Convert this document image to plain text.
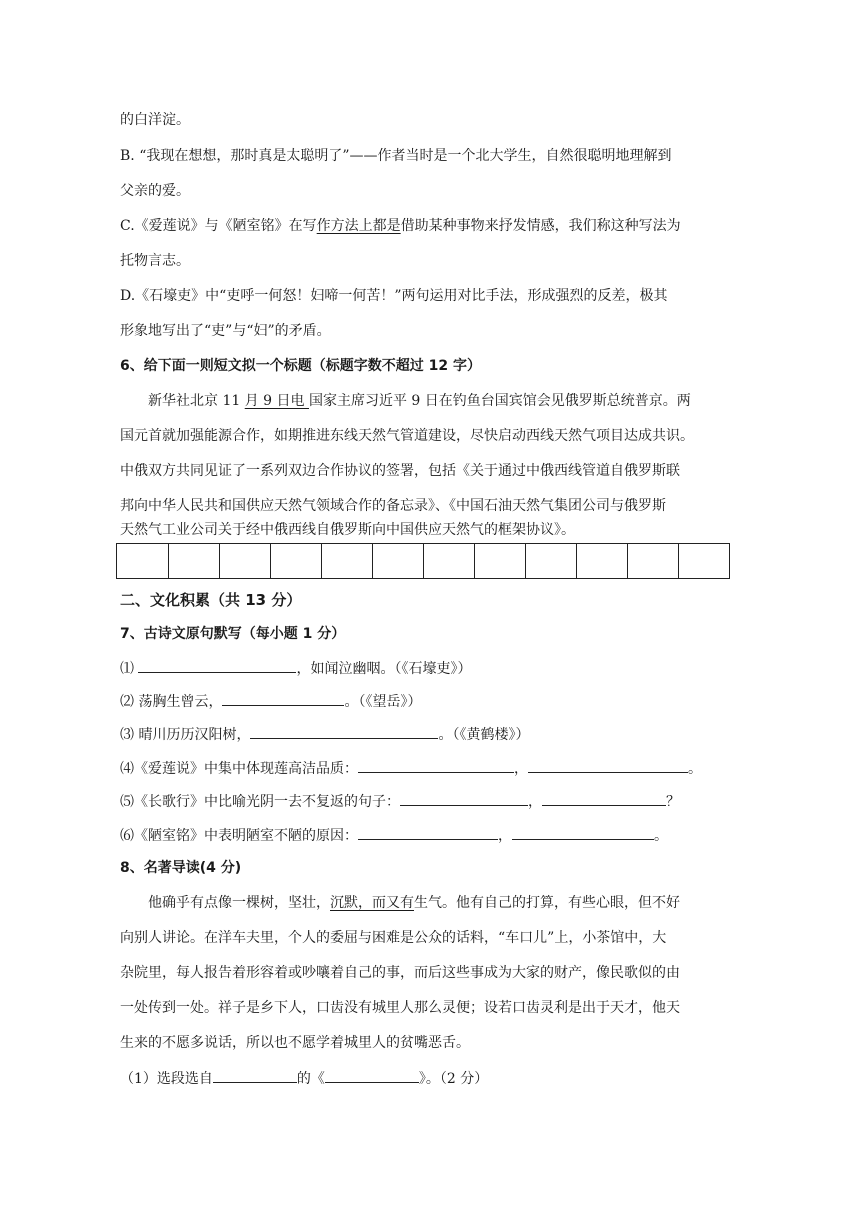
的白洋淀。
B. “我现在想想，那时真是太聪明了”——作者当时是一个北大学生，自然很聪明地理解到
父亲的爱。
C.《爱莲说》与《陋室铭》在写作方法上都是借助某种事物来抒发情感，我们称这种写法为
托物言志。
D.《石壕吏》中“吏呼一何怒！妇啼一何苦！”两句运用对比手法，形成强烈的反差，极其
形象地写出了“吏”与“妇”的矛盾。
6、给下面一则短文拟一个标题（标题字数不超过 12 字）
新华社北京 11 月 9 日电 国家主席习近平 9 日在钓鱼台国宾馆会见俄罗斯总统普京。两
国元首就加强能源合作，如期推进东线天然气管道建设，尽快启动西线天然气项目达成共识。
中俄双方共同见证了一系列双边合作协议的签署，包括《关于通过中俄西线管道自俄罗斯联
邦向中华人民共和国供应天然气领域合作的备忘录》、《中国石油天然气集团公司与俄罗斯
天然气工业公司关于经中俄西线自俄罗斯向中国供应天然气的框架协议》。
二、文化积累（共 13 分）
7、古诗文原句默写（每小题 1 分）
⑴	，如闻泣幽咽。（《石壕吏》）
⑵ 荡胸生曾云，	。（《望岳》）
⑶ 晴川历历汉阳树，	。（《黄鹤楼》）
⑷《爱莲说》中集中体现莲高洁品质：	，	。
⑸《长歌行》中比喻光阴一去不复返的句子：	，	？
⑹《陋室铭》中表明陋室不陋的原因：	，	。
8、名著导读(4 分)
他确乎有点像一棵树，坚壮，沉默，而又有生气。他有自己的打算，有些心眼，但不好
向别人讲论。在洋车夫里，个人的委屈与困难是公众的话料，“车口儿”上，小茶馆中，大
杂院里，每人报告着形容着或吵嚷着自己的事，而后这些事成为大家的财产，像民歌似的由
一处传到一处。祥子是乡下人，口齿没有城里人那么灵便；设若口齿灵利是出于天才，他天
生来的不愿多说话，所以也不愿学着城里人的贫嘴恶舌。
（1）选段选自	的《	》。（2 分）
